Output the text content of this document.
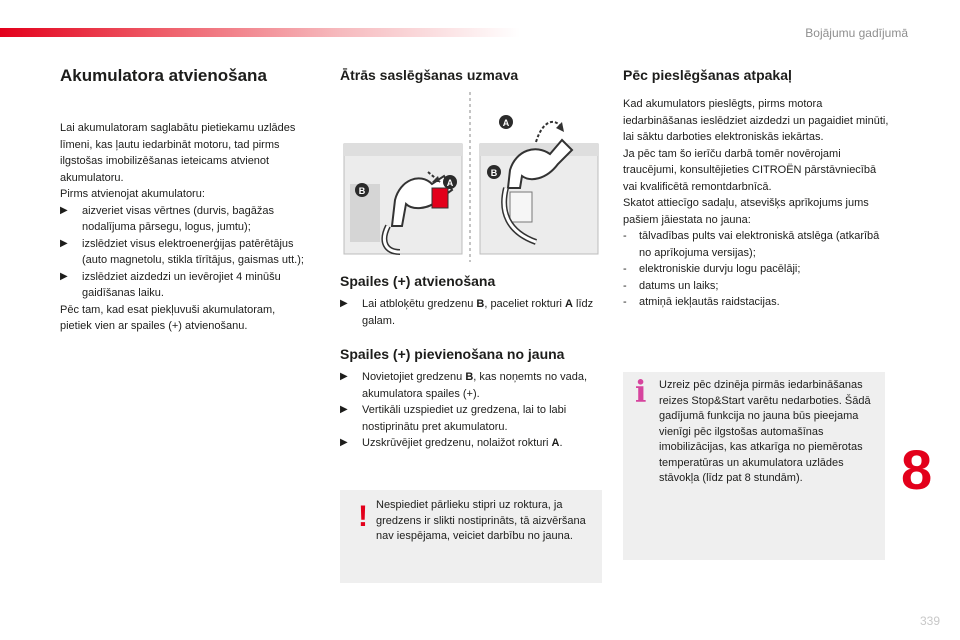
Bojājumu gadījumā
Akumulatora atvienošana

Lai akumulatoram saglabātu pietiekamu uzlādes līmeni, kas ļautu iedarbināt motoru, tad pirms ilgstošas imobilizēšanas ieteicams atvienot akumulatoru.

Pirms atvienojat akumulatoru:

▶	aizveriet visas vērtnes (durvis, bagāžas nodalījuma pārsegu, logus, jumtu);
▶	izslēdziet visus elektroenerģijas patērētājus (auto magnetolu, stikla tīrītājus, gaismas utt.);
▶	izslēdziet aizdedzi un ievērojiet 4 minūšu gaidīšanas laiku.

Pēc tam, kad esat piekļuvuši akumulatoram, pietiek vien ar spailes (+) atvienošanu.

Ātrās saslēgšanas uzmava
B
A
B
A
Spailes (+) atvienošana
▶	Lai atbloķētu gredzenu B, paceliet rokturi A līdz galam.
Spailes (+) pievienošana no jauna
▶	Novietojiet gredzenu B, kas noņemts no vada, akumulatora spailes (+).
▶	Vertikāli uzspiediet uz gredzena, lai to labi nostiprinātu pret akumulatoru.
▶	Uzskrūvējiet gredzenu, nolaižot rokturi A.
! Nespiediet pārlieku stipri uz roktura, ja gredzens ir slikti nostiprināts, tā aizvēršana nav iespējama, veiciet darbību no jauna.
Pēc pieslēgšanas atpakaļ

Kad akumulators pieslēgts, pirms motora iedarbināšanas ieslēdziet aizdedzi un pagaidiet minūti, lai sāktu darboties elektroniskās iekārtas.

Ja pēc tam šo ierīču darbā tomēr novērojami traucējumi, konsultējieties CITROËN pārstāvniecībā vai kvalificētā remontdarbnīcā.

Skatot attiecīgo sadaļu, atsevišķs aprīkojums jums pašiem jāiestata no jauna:

-	tālvadības pults vai elektroniskā atslēga (atkarībā no aprīkojuma versijas);
-	elektroniskie durvju logu pacēlāji;
-	datums un laiks;
-	atmiņā iekļautās raidstacijas.
i Uzreiz pēc dzinēja pirmās iedarbināšanas reizes Stop&Start varētu nedarboties. Šādā gadījumā funkcija no jauna būs pieejama vienīgi pēc ilgstošas automašīnas imobilizācijas, kas atkarīga no piemērotas temperatūras un akumulatora uzlādes stāvokļa (līdz pat 8 stundām).	8
339
